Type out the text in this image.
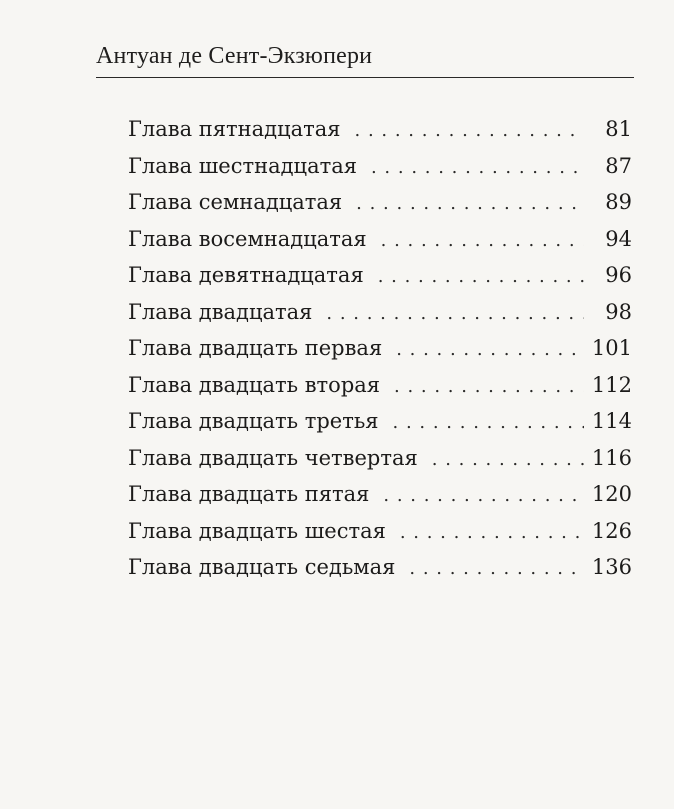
Антуан де Сент-Экзюпери
Глава пятнадцатая . . .	81
Глава шестнадцатая . . .	87
Глава семнадцатая . . .	89
Глава восемнадцатая . . .	94
Глава девятнадцатая . . .	96
Глава двадцатая . . .	98
Глава двадцать первая . . .	101
Глава двадцать вторая . . .	112
Глава двадцать третья . . .	114
Глава двадцать четвертая . . .	116
Глава двадцать пятая . . .	120
Глава двадцать шестая . . .	126
Глава двадцать седьмая . . .	136
